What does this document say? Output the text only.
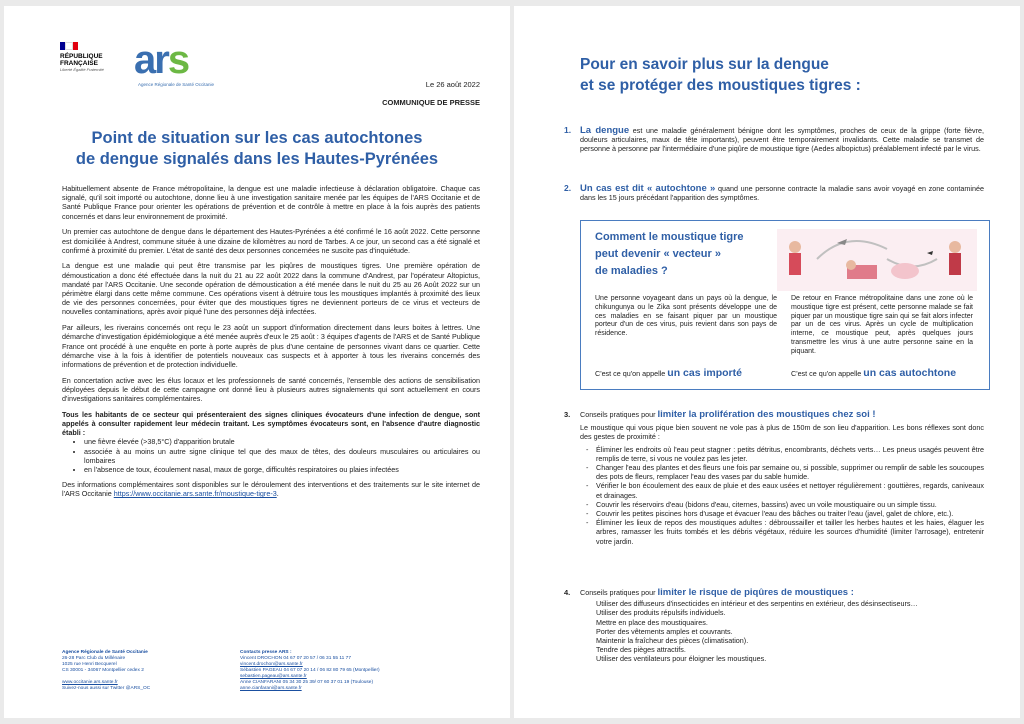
RÉPUBLIQUE
FRANÇAISE
Liberté Égalité Fraternité ars
Agence Régionale de Santé Occitanie	Le 26 août 2022
COMMUNIQUE DE PRESSE
Point de situation sur les cas autochtones
de dengue signalés dans les Hautes-Pyrénées

Habituellement absente de France métropolitaine, la dengue est une maladie infectieuse à déclaration obligatoire. Chaque cas signalé, qu'il soit importé ou autochtone, donne lieu à une investigation sanitaire menée par les équipes de l'ARS Occitanie et de Santé Publique France pour orienter les opérations de prévention et de contrôle à mettre en place à la fois auprès des patients concernés et dans leur environnement de proximité.

Un premier cas autochtone de dengue dans le département des Hautes-Pyrénées a été confirmé le 16 août 2022. Cette personne est domiciliée à Andrest, commune située à une dizaine de kilomètres au nord de Tarbes. A ce jour, un second cas a été signalé et confirmé à proximité du premier. L'état de santé des deux personnes concernées ne suscite pas d'inquiétude.

La dengue est une maladie qui peut être transmise par les piqûres de moustiques tigres. Une première opération de démoustication a donc été effectuée dans la nuit du 21 au 22 août 2022 dans la commune d'Andrest, par l'opérateur Altopictus, mandaté par l'ARS Occitanie. Une seconde opération de démoustication a été menée dans le nuit du 25 au 26 Août 2022 sur un périmètre élargi dans cette même commune. Ces opérations visent à détruire tous les moustiques implantés à proximité des lieux de vie des personnes concernées, pour éviter que des moustiques tigres ne deviennent porteurs de ce virus et vecteurs de nouvelles contaminations, après avoir piqué l'une des personnes déjà infectées.

Par ailleurs, les riverains concernés ont reçu le 23 août un support d'information directement dans leurs boites à lettres. Une démarche d'investigation épidémiologique a été menée auprès d'eux le 25 août : 3 équipes d'agents de l'ARS et de Santé Publique France ont procédé à une enquête en porte à porte auprès de plus d'une centaine de personnes vivant dans ce quartier. Cette démarche vise à la fois à identifier de potentiels nouveaux cas suspects et à apporter à tous les riverains concernés des informations de prévention et de protection individuelle.

En concertation active avec les élus locaux et les professionnels de santé concernés, l'ensemble des actions de sensibilisation déployées depuis le début de cette campagne ont donné lieu à plusieurs autres signalements qui sont actuellement en cours d'investigations sanitaires complémentaires.

Tous les habitants de ce secteur qui présenteraient des signes cliniques évocateurs d'une infection de dengue, sont appelés à consulter rapidement leur médecin traitant. Les symptômes évocateurs sont, en l'absence d'autre diagnostic établi :

• une fièvre élevée (>38,5°C) d'apparition brutale
• associée à au moins un autre signe clinique tel que des maux de têtes, des douleurs musculaires ou articulaires ou lombaires
• en l'absence de toux, écoulement nasal, maux de gorge, difficultés respiratoires ou plaies infectées

Des informations complémentaires sont disponibles sur le déroulement des interventions et des traitements sur le site internet de l'ARS Occitanie https://www.occitanie.ars.sante.fr/moustique-tigre-3.

Agence Régionale de Santé Occitanie
26-28 Parc Club du Millénaire
1025 rue Henri Becquerel
CS 30001 - 34067 Montpellier cedex 2

www.occitanie.ars.sante.fr
Suivez-nous aussi sur Twitter @ARS_OC
Contacts presse ARS :
Vincent DROCHON 04 67 07 20 57 / 06 31 55 11 77
vincent.drochon@ars.sante.fr
Sébastien PAGEAU 04 67 07 20 14 / 06 82 80 79 65 (Montpellier)
sebastien.pageau@ars.sante.fr
Anne CIANFARANI 05 34 30 25 39/ 07 60 37 01 19 (Toulouse)
anne.cianfarani@ars.sante.fr
Pour en savoir plus sur la dengue
et se protéger des moustiques tigres :
1. La dengue est une maladie généralement bénigne dont les symptômes, proches de ceux de la grippe (forte fièvre, douleurs articulaires, maux de tête importants), peuvent être temporairement invalidants. Cette maladie se transmet de personne à personne par l'intermédiaire d'une piqûre de moustique tigre (Aedes albopictus) préalablement infecté par le virus.

2. Un cas est dit « autochtone » quand une personne contracte la maladie sans avoir voyagé en zone contaminée dans les 15 jours précédant l'apparition des symptômes.

Comment le moustique tigre
peut devenir « vecteur »
de maladies ?

Une personne voyageant dans un pays où la dengue, le chikungunya ou le Zika sont présents développe une de ces maladies en se faisant piquer par un moustique porteur d'un de ces virus, puis revient dans son pays de résidence.

De retour en France métropolitaine dans une zone où le moustique tigre est présent, cette personne malade se fait piquer par un moustique tigre sain qui se fait alors infecter par un de ces virus. Après un cycle de multiplication interne, ce moustique peut, après quelques jours transmettre les virus à une autre personne saine en la piquant.

C'est ce qu'on appelle un cas importé	C'est ce qu'on appelle un cas autochtone
3. Conseils pratiques pour limiter la prolifération des moustiques chez soi !

Le moustique qui vous pique bien souvent ne vole pas à plus de 150m de son lieu d'apparition. Les bons réflexes sont donc des gestes de proximité :

- Éliminer les endroits où l'eau peut stagner : petits détritus, encombrants, déchets verts… Les pneus usagés peuvent être remplis de terre, si vous ne voulez pas les jeter.
- Changer l'eau des plantes et des fleurs une fois par semaine ou, si possible, supprimer ou remplir de sable les soucoupes des pots de fleurs, remplacer l'eau des vases par du sable humide.
- Vérifier le bon écoulement des eaux de pluie et des eaux usées et nettoyer régulièrement : gouttières, regards, caniveaux et drainages.
- Couvrir les réservoirs d'eau (bidons d'eau, citernes, bassins) avec un voile moustiquaire ou un simple tissu.
- Couvrir les petites piscines hors d'usage et évacuer l'eau des bâches ou traiter l'eau (javel, galet de chlore, etc.).
- Éliminer les lieux de repos des moustiques adultes : débroussailler et tailler les herbes hautes et les haies, élaguer les arbres, ramasser les fruits tombés et les débris végétaux, réduire les sources d'humidité (limiter l'arrosage), entretenir votre jardin.
4. Conseils pratiques pour limiter le risque de piqûres de moustiques :

Utiliser des diffuseurs d'insecticides en intérieur et des serpentins en extérieur, des désinsectiseurs…
Utiliser des produits répulsifs individuels.
Mettre en place des moustiquaires.
Porter des vêtements amples et couvrants.
Maintenir la fraîcheur des pièces (climatisation).
Tendre des pièges attractifs.
Utiliser des ventilateurs pour éloigner les moustiques.
